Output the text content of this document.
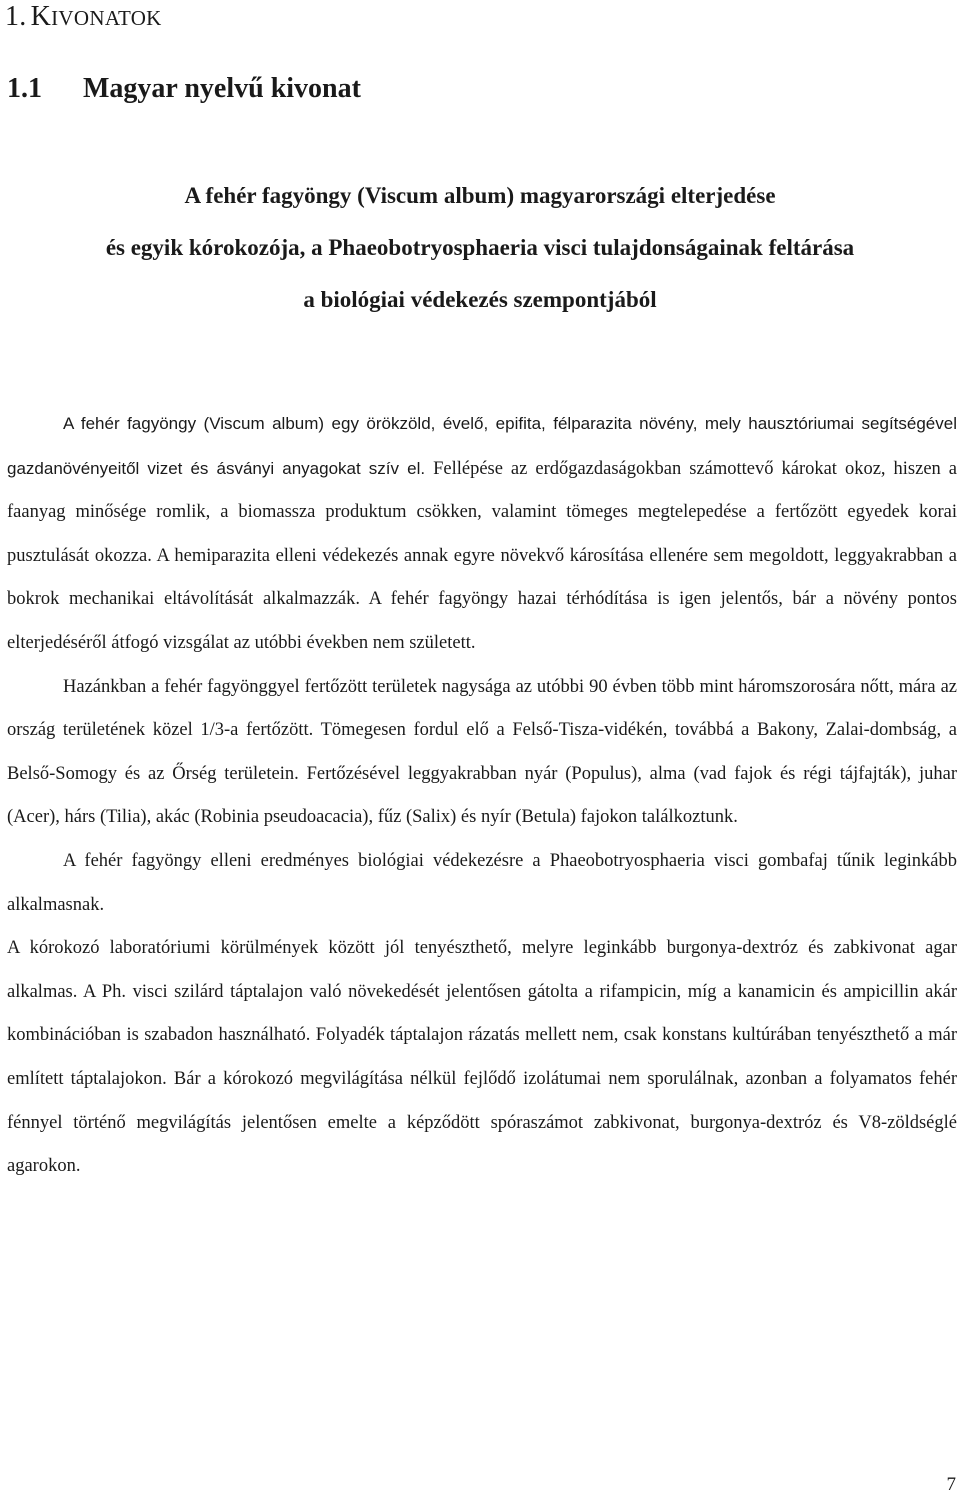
1. KIVONATOK
1.1 Magyar nyelvű kivonat
A fehér fagyöngy (Viscum album) magyarországi elterjedése
és egyik kórokozója, a Phaeobotryosphaeria visci tulajdonságainak feltárása
a biológiai védekezés szempontjából

A fehér fagyöngy (Viscum album) egy örökzöld, évelő, epifita, félparazita növény, mely hausztóriumai segítségével gazdanövényeitől vizet és ásványi anyagokat szív el. Fellépése az erdőgazdaságokban számottevő károkat okoz, hiszen a faanyag minősége romlik, a biomassza produktum csökken, valamint tömeges megtelepedése a fertőzött egyedek korai pusztulását okozza. A hemiparazita elleni védekezés annak egyre növekvő károsítása ellenére sem megoldott, leggyakrabban a bokrok mechanikai eltávolítását alkalmazzák. A fehér fagyöngy hazai térhódítása is igen jelentős, bár a növény pontos elterjedéséről átfogó vizsgálat az utóbbi években nem született.

Hazánkban a fehér fagyönggyel fertőzött területek nagysága az utóbbi 90 évben több mint háromszorosára nőtt, mára az ország területének közel 1/3-a fertőzött. Tömegesen fordul elő a Felső-Tisza-vidékén, továbbá a Bakony, Zalai-dombság, a Belső-Somogy és az Őrség területein. Fertőzésével leggyakrabban nyár (Populus), alma (vad fajok és régi tájfajták), juhar (Acer), hárs (Tilia), akác (Robinia pseudoacacia), fűz (Salix) és nyír (Betula) fajokon találkoztunk.

A fehér fagyöngy elleni eredményes biológiai védekezésre a Phaeobotryosphaeria visci gombafaj tűnik leginkább alkalmasnak.

A kórokozó laboratóriumi körülmények között jól tenyészthető, melyre leginkább burgonya-dextróz és zabkivonat agar alkalmas. A Ph. visci szilárd táptalajon való növekedését jelentősen gátolta a rifampicin, míg a kanamicin és ampicillin akár kombinációban is szabadon használható. Folyadék táptalajon rázatás mellett nem, csak konstans kultúrában tenyészthető a már említett táptalajokon. Bár a kórokozó megvilágítása nélkül fejlődő izolátumai nem sporulálnak, azonban a folyamatos fehér fénnyel történő megvilágítás jelentősen emelte a képződött spóraszámot zabkivonat, burgonya-dextróz és V8-zöldséglé agarokon.

7
